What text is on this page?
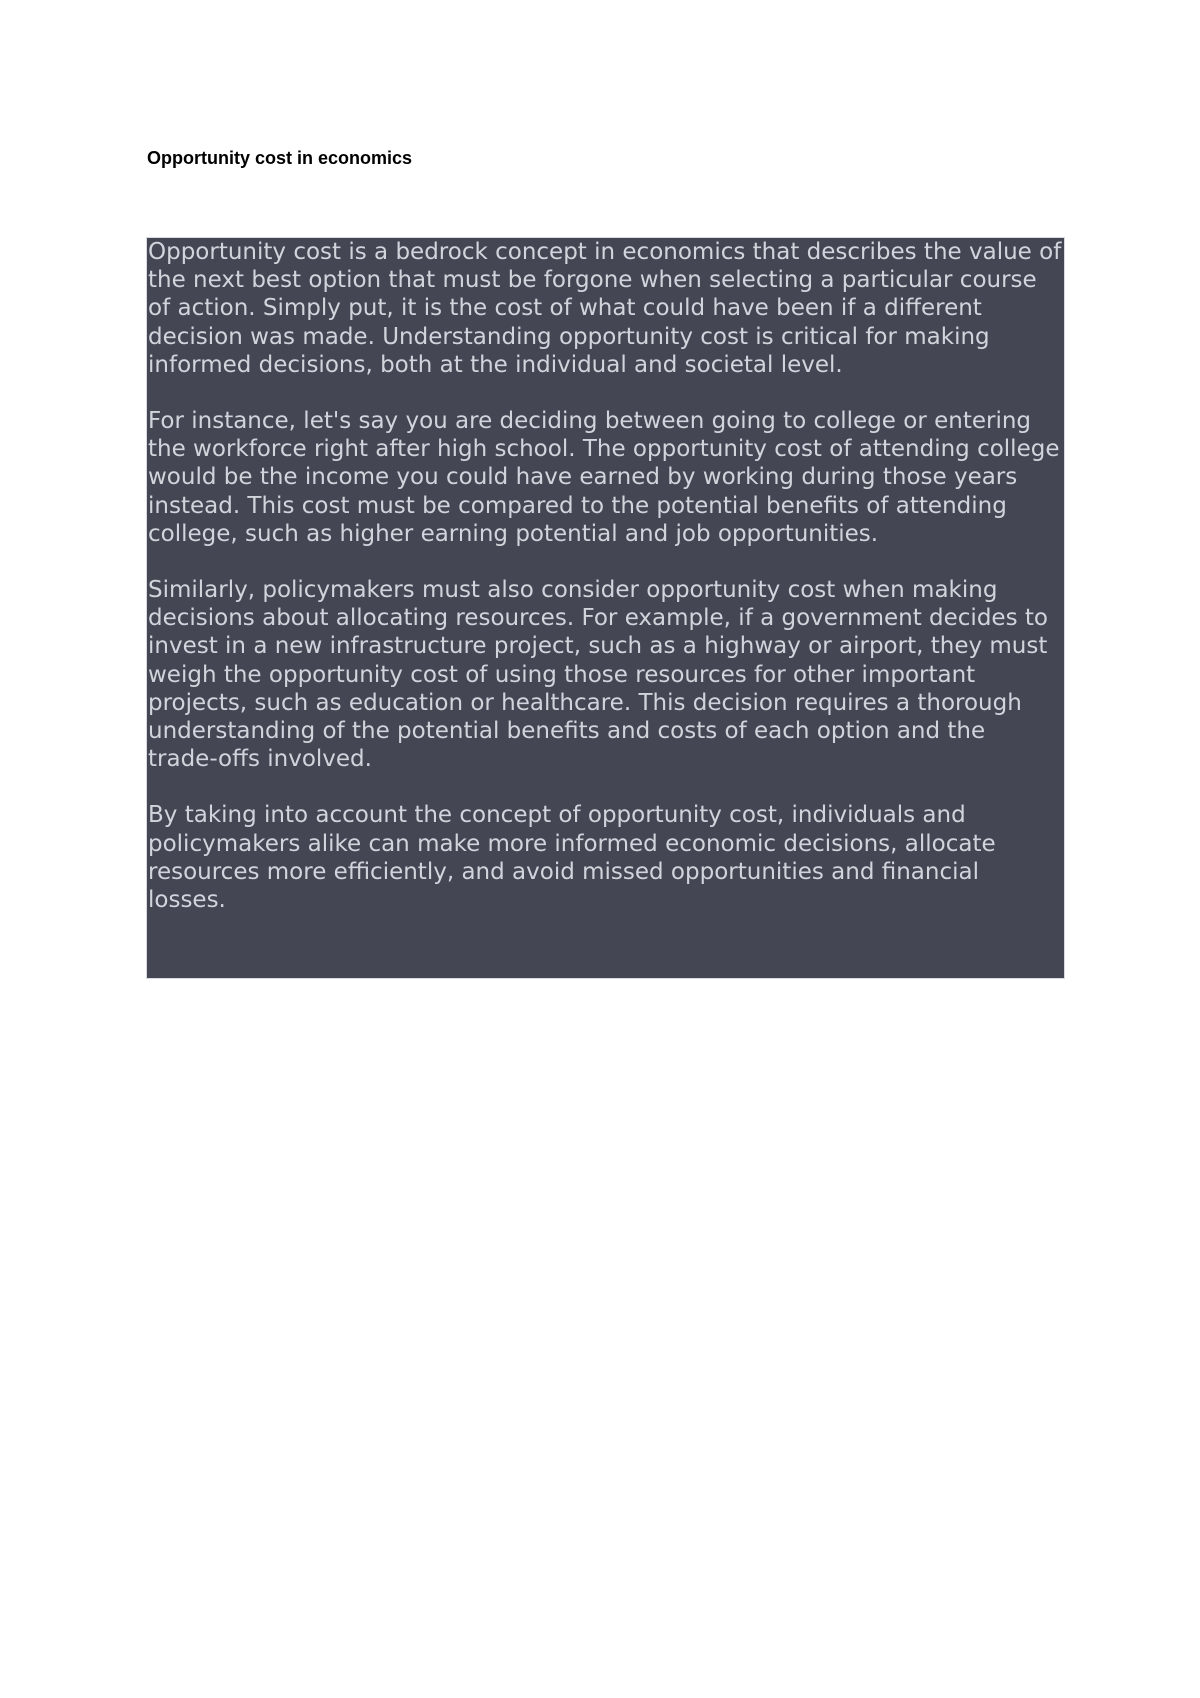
Opportunity cost in economics

Opportunity cost is a bedrock concept in economics that describes the value of the next best option that must be forgone when selecting a particular course of action. Simply put, it is the cost of what could have been if a different decision was made. Understanding opportunity cost is critical for making informed decisions, both at the individual and societal level.

For instance, let's say you are deciding between going to college or entering the workforce right after high school. The opportunity cost of attending college would be the income you could have earned by working during those years instead. This cost must be compared to the potential benefits of attending college, such as higher earning potential and job opportunities.

Similarly, policymakers must also consider opportunity cost when making decisions about allocating resources. For example, if a government decides to invest in a new infrastructure project, such as a highway or airport, they must weigh the opportunity cost of using those resources for other important projects, such as education or healthcare. This decision requires a thorough understanding of the potential benefits and costs of each option and the trade-offs involved.

By taking into account the concept of opportunity cost, individuals and policymakers alike can make more informed economic decisions, allocate resources more efficiently, and avoid missed opportunities and financial losses.
